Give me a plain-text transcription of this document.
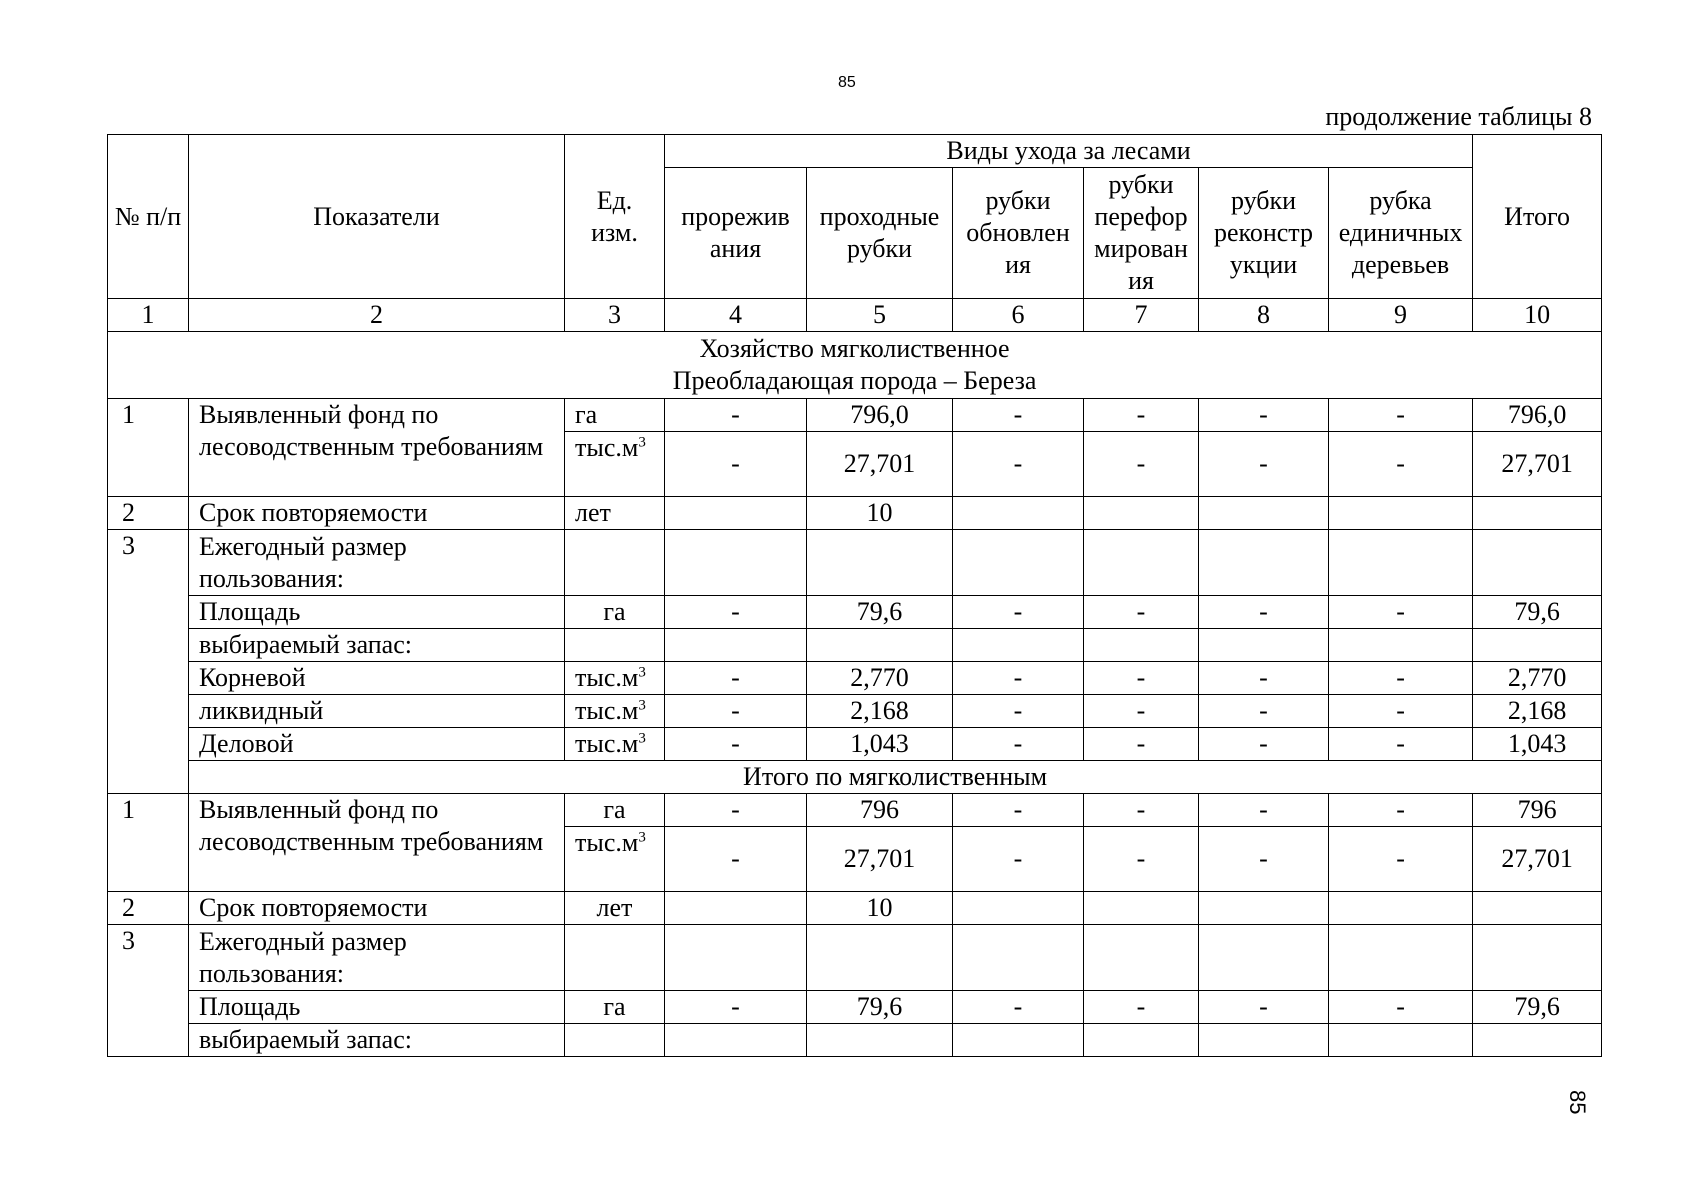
85
продолжение таблицы 8
№ п/п	Показатели	Ед. изм.	Виды ухода за лесами						Итого
			прорежив ания	проходные рубки	рубки обновлен ия	рубки перефор мирован ия	рубки реконстр укции	рубка единичных деревьев	
1	2	3	4	5	6	7	8	9	10

Хозяйство мягколиственное
Преобладающая порода – Береза									

1	Выявленный фонд по лесоводственным требованиям	га	-	796,0	-	-	-	-	796,0
		$тыс.м^3$	-	27,701	-	-	-	-	27,701
2	Срок повторяемости	лет		10					
3	Ежегодный размер пользования:								
	Площадь	га	-	79,6	-	-	-	-	79,6
	выбираемый запас:								
	Корневой	$тыс.м^3$	-	2,770	-	-	-	-	2,770
	ликвидный	$тыс.м^3$	-	2,168	-	-	-	-	2,168
	Деловой	$тыс.м^3$	-	1,043	-	-	-	-	1,043
	Итого по мягколиственным								
1	Выявленный фонд по лесоводственным требованиям	га	-	796	-	-	-	-	796
		$тыс.м^3$	-	27,701	-	-	-	-	27,701
2	Срок повторяемости	лет		10					
3	Ежегодный размер пользования:								
	Площадь	га	-	79,6	-	-	-	-	79,6
	выбираемый запас:								
85
